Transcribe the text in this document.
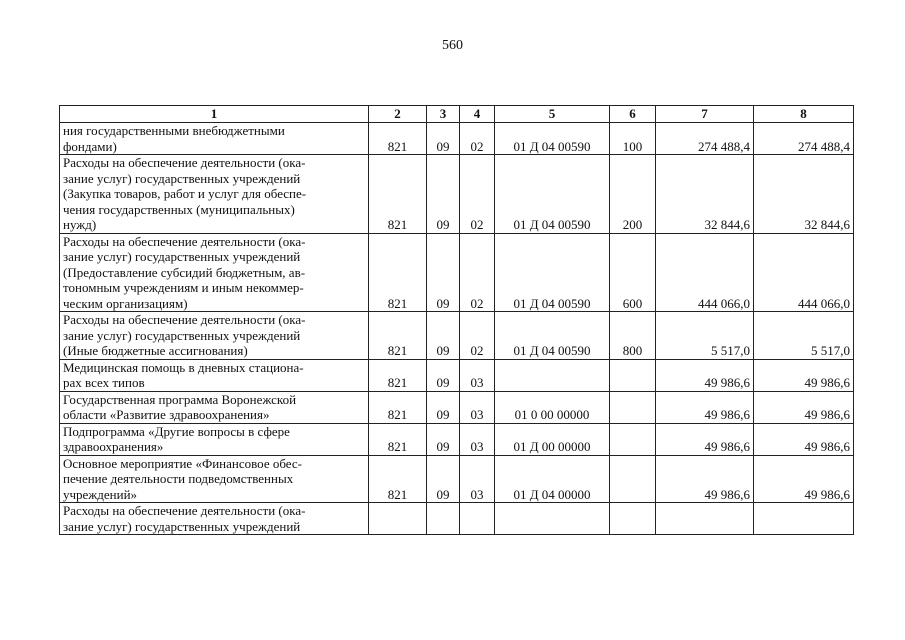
560
1	2	3	4	5	6	7	8

ния государственными внебюджетными
фондами)	821	09	02	01 Д 04 00590	100	274 488,4	274 488,4

Расходы на обеспечение деятельности (ока-
зание услуг) государственных учреждений
(Закупка товаров, работ и услуг для обеспе-
чения государственных (муниципальных)
нужд)	821	09	02	01 Д 04 00590	200	32 844,6	32 844,6

Расходы на обеспечение деятельности (ока-
зание услуг) государственных учреждений
(Предоставление субсидий бюджетным, ав-
тономным учреждениям и иным некоммер-
ческим организациям)	821	09	02	01 Д 04 00590	600	444 066,0	444 066,0

Расходы на обеспечение деятельности (ока-
зание услуг) государственных учреждений
(Иные бюджетные ассигнования)	821	09	02	01 Д 04 00590	800	5 517,0	5 517,0

Медицинская помощь в дневных стациона-
рах всех типов	821	09	03			49 986,6	49 986,6

Государственная программа Воронежской
области «Развитие здравоохранения»	821	09	03	01 0 00 00000		49 986,6	49 986,6

Подпрограмма «Другие вопросы в сфере
здравоохранения»	821	09	03	01 Д 00 00000		49 986,6	49 986,6

Основное мероприятие «Финансовое обес-
печение деятельности подведомственных
учреждений»	821	09	03	01 Д 04 00000		49 986,6	49 986,6

Расходы на обеспечение деятельности (ока-
зание услуг) государственных учреждений							
